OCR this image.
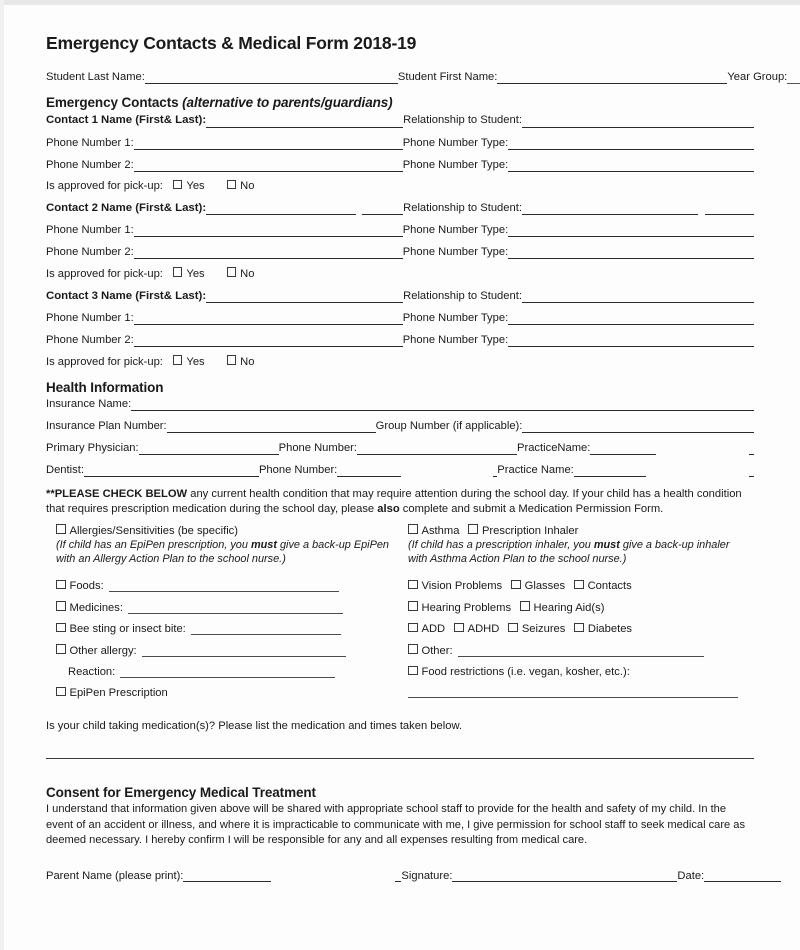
Emergency Contacts & Medical Form 2018-19
Student Last Name:	Student First Name:	Year Group:
Emergency Contacts (alternative to parents/guardians)
Contact 1 Name (First& Last):	Relationship to Student:
Phone Number 1:	Phone Number Type:
Phone Number 2:	Phone Number Type:
Is approved for pick-up: Yes	No
Contact 2 Name (First& Last):	Relationship to Student:
Phone Number 1:	Phone Number Type:
Phone Number 2:	Phone Number Type:
Is approved for pick-up: Yes	No
Contact 3 Name (First& Last):	Relationship to Student:
Phone Number 1:	Phone Number Type:
Phone Number 2:	Phone Number Type:
Is approved for pick-up: Yes	No
Health Information
Insurance Name:
Insurance Plan Number:	Group Number (if applicable):
Primary Physician:	Phone Number:	PracticeName:
Dentist:	Phone Number:	Practice Name:

**PLEASE CHECK BELOW any current health condition that may require attention during the school day. If your child has a health condition that requires prescription medication during the school day, please also complete and submit a Medication Permission Form.

Allergies/Sensitivities (be specific)
(If child has an EpiPen prescription, you must give a back-up EpiPen with an Allergy Action Plan to the school nurse.)
Foods:
Medicines:
Bee sting or insect bite:
Other allergy:
Reaction:
EpiPen Prescription
Asthma Prescription Inhaler
(If child has a prescription inhaler, you must give a back-up inhaler with Asthma Action Plan to the school nurse.)
Vision Problems Glasses Contacts
Hearing Problems Hearing Aid(s)
ADD ADHD Seizures Diabetes
Other:
Food restrictions (i.e. vegan, kosher, etc.):
Is your child taking medication(s)? Please list the medication and times taken below.
Consent for Emergency Medical Treatment

I understand that information given above will be shared with appropriate school staff to provide for the health and safety of my child. In the event of an accident or illness, and where it is impracticable to communicate with me, I give permission for school staff to seek medical care as deemed necessary. I hereby confirm I will be responsible for any and all expenses resulting from medical care.

Parent Name (please print):	Signature:	Date:
